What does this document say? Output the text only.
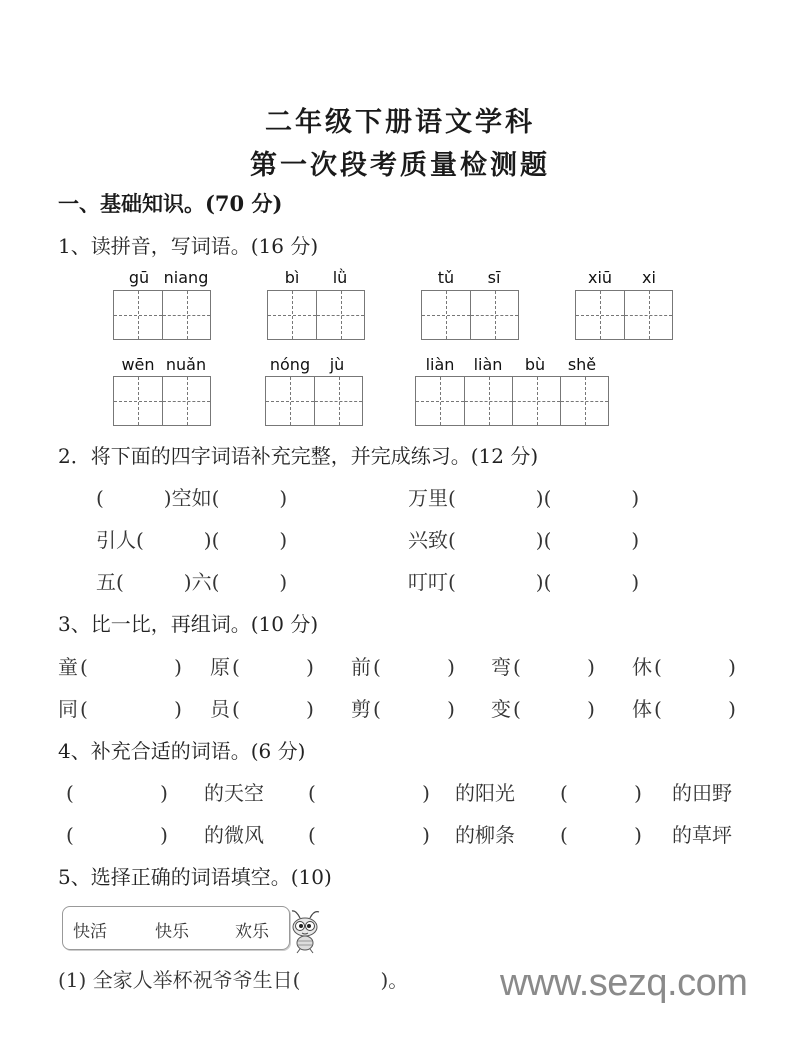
二年级下册语文学科
第一次段考质量检测题
一、基础知识。(70 分)
1、读拼音，写词语。(16 分)
gū niang	bì	lǜ	tǔ	sī	xiū	xi
wēn nuǎn	nóng	jù	liàn	liàn	bù	shě
2．将下面的四字词语补充完整，并完成练习。(12 分)
(　　　)空如(　　　)	万里(　　　　)(　　　　)
引人(　　　)(　　　)	兴致(　　　　)(　　　　)
五(　　　)六(　　　)	叮叮(　　　　)(　　　　)
3、比一比，再组词。(10 分)
童 (　　　　 ) 原 (　　　 ) 前 (　　　 ) 弯 (　　　 ) 休 (　　　 )
同 (　　　　 ) 员 (　　　 ) 剪 (　　　 ) 变 (　　　 ) 体 (　　　 )
4、补充合适的词语。(6 分)
(　　　　 ) 的天空 (　　　　　 ) 的阳光 (　　　 ) 的田野
(　　　　 ) 的微风 (　　　　　 ) 的柳条 (　　　 ) 的草坪
5、选择正确的词语填空。(10)
快活	快乐	欢乐
(1) 全家人举杯祝爷爷生日(　　　　)。 www.sezq.com
